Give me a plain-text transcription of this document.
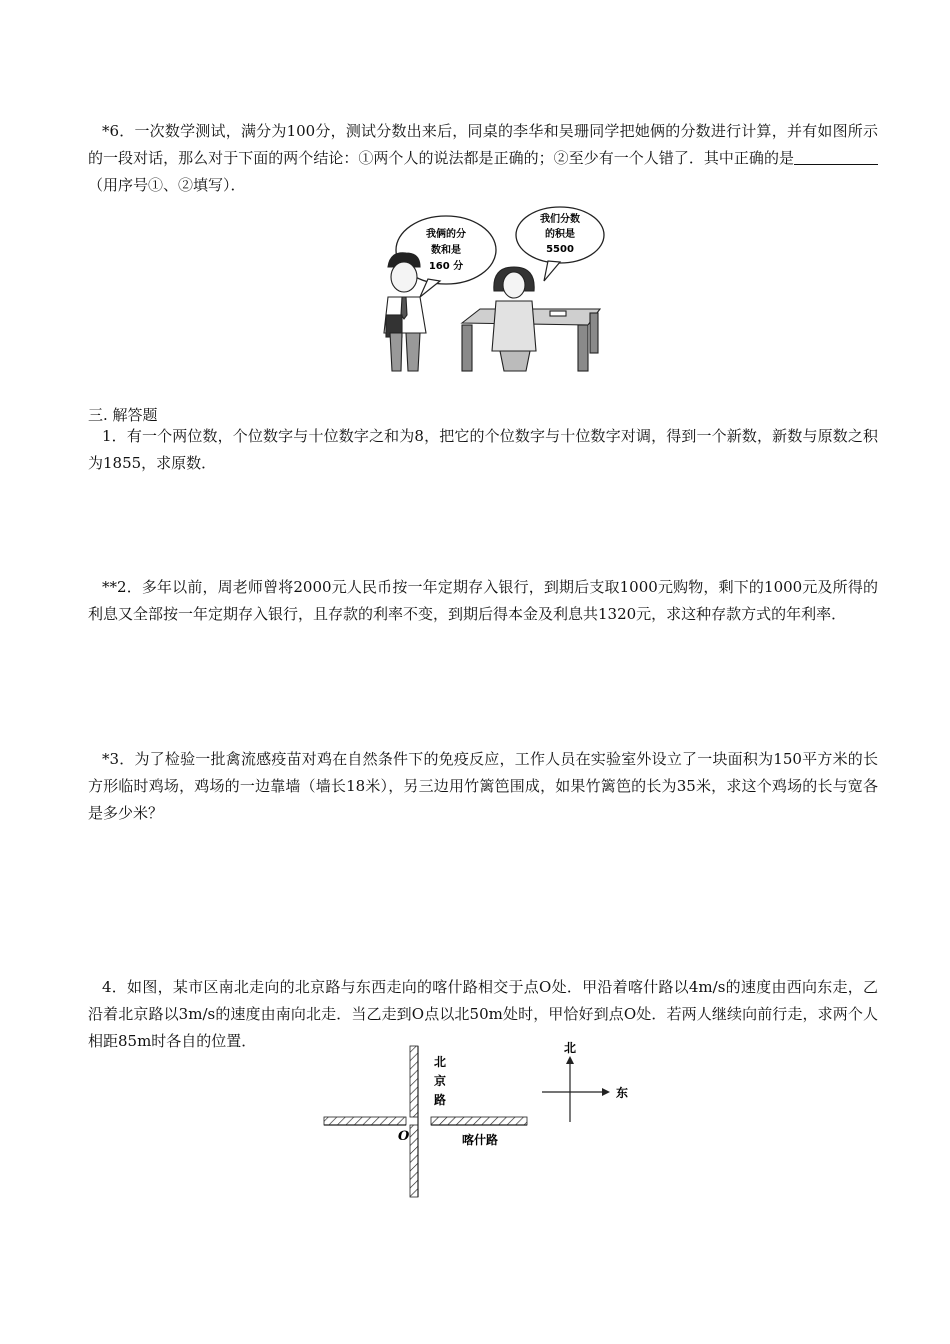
*6．一次数学测试，满分为100分，测试分数出来后，同桌的李华和吴珊同学把她俩的分数进行计算，并有如图所示的一段对话，那么对于下面的两个结论：①两个人的说法都是正确的；②至少有一个人错了．其中正确的是（用序号①、②填写）．

我俩的分
数和是
160 分
我们分数
的积是
5500

三. 解答题

1．有一个两位数，个位数字与十位数字之和为8，把它的个位数字与十位数字对调，得到一个新数，新数与原数之积为1855，求原数．

**2．多年以前，周老师曾将2000元人民币按一年定期存入银行，到期后支取1000元购物，剩下的1000元及所得的利息又全部按一年定期存入银行，且存款的利率不变，到期后得本金及利息共1320元，求这种存款方式的年利率．

*3．为了检验一批禽流感疫苗对鸡在自然条件下的免疫反应，工作人员在实验室外设立了一块面积为150平方米的长方形临时鸡场，鸡场的一边靠墙（墙长18米），另三边用竹篱笆围成，如果竹篱笆的长为35米，求这个鸡场的长与宽各是多少米？

4．如图，某市区南北走向的北京路与东西走向的喀什路相交于点O处．甲沿着喀什路以4m/s的速度由西向东走，乙沿着北京路以3m/s的速度由南向北走．当乙走到O点以北50m处时，甲恰好到点O处．若两人继续向前行走，求两个人相距85m时各自的位置．

北
京
路
O	喀什路
北
东
